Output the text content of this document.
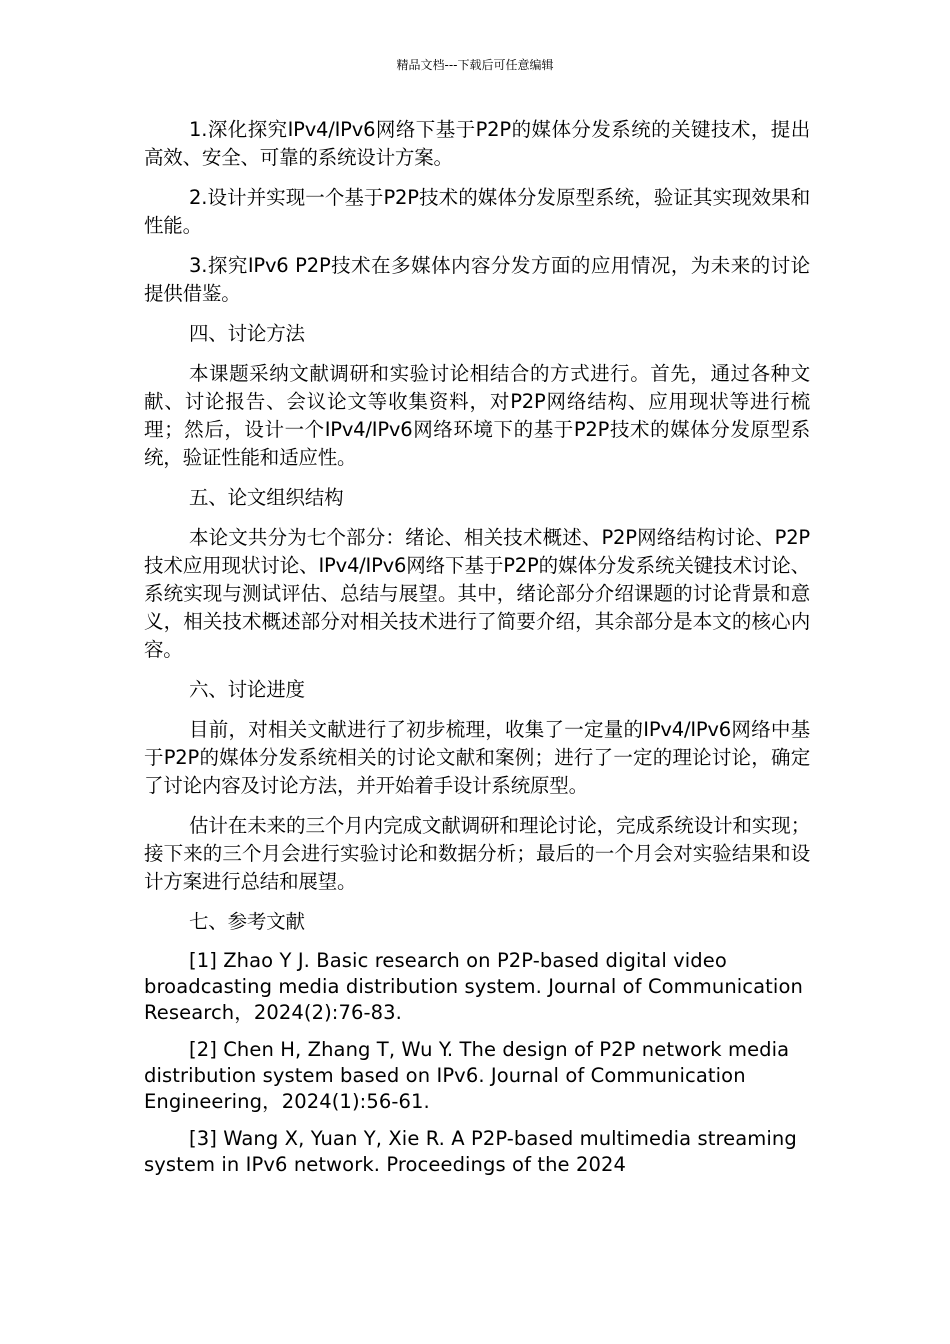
精品文档---下载后可任意编辑

1.深化探究IPv4/IPv6网络下基于P2P的媒体分发系统的关键技术，提出高效、安全、可靠的系统设计方案。

2.设计并实现一个基于P2P技术的媒体分发原型系统，验证其实现效果和性能。

3.探究IPv6 P2P技术在多媒体内容分发方面的应用情况，为未来的讨论提供借鉴。

四、讨论方法

本课题采纳文献调研和实验讨论相结合的方式进行。首先，通过各种文献、讨论报告、会议论文等收集资料，对P2P网络结构、应用现状等进行梳理；然后，设计一个IPv4/IPv6网络环境下的基于P2P技术的媒体分发原型系统，验证性能和适应性。

五、论文组织结构

本论文共分为七个部分：绪论、相关技术概述、P2P网络结构讨论、P2P技术应用现状讨论、IPv4/IPv6网络下基于P2P的媒体分发系统关键技术讨论、系统实现与测试评估、总结与展望。其中，绪论部分介绍课题的讨论背景和意义，相关技术概述部分对相关技术进行了简要介绍，其余部分是本文的核心内容。

六、讨论进度

目前，对相关文献进行了初步梳理，收集了一定量的IPv4/IPv6网络中基于P2P的媒体分发系统相关的讨论文献和案例；进行了一定的理论讨论，确定了讨论内容及讨论方法，并开始着手设计系统原型。

估计在未来的三个月内完成文献调研和理论讨论，完成系统设计和实现；接下来的三个月会进行实验讨论和数据分析；最后的一个月会对实验结果和设计方案进行总结和展望。

七、参考文献

[1] Zhao Y J. Basic research on P2P-based digital video broadcasting media distribution system. Journal of Communication Research，2024(2):76-83.

[2] Chen H, Zhang T, Wu Y. The design of P2P network media distribution system based on IPv6. Journal of Communication Engineering，2024(1):56-61.

[3] Wang X, Yuan Y, Xie R. A P2P-based multimedia streaming system in IPv6 network. Proceedings of the 2024
